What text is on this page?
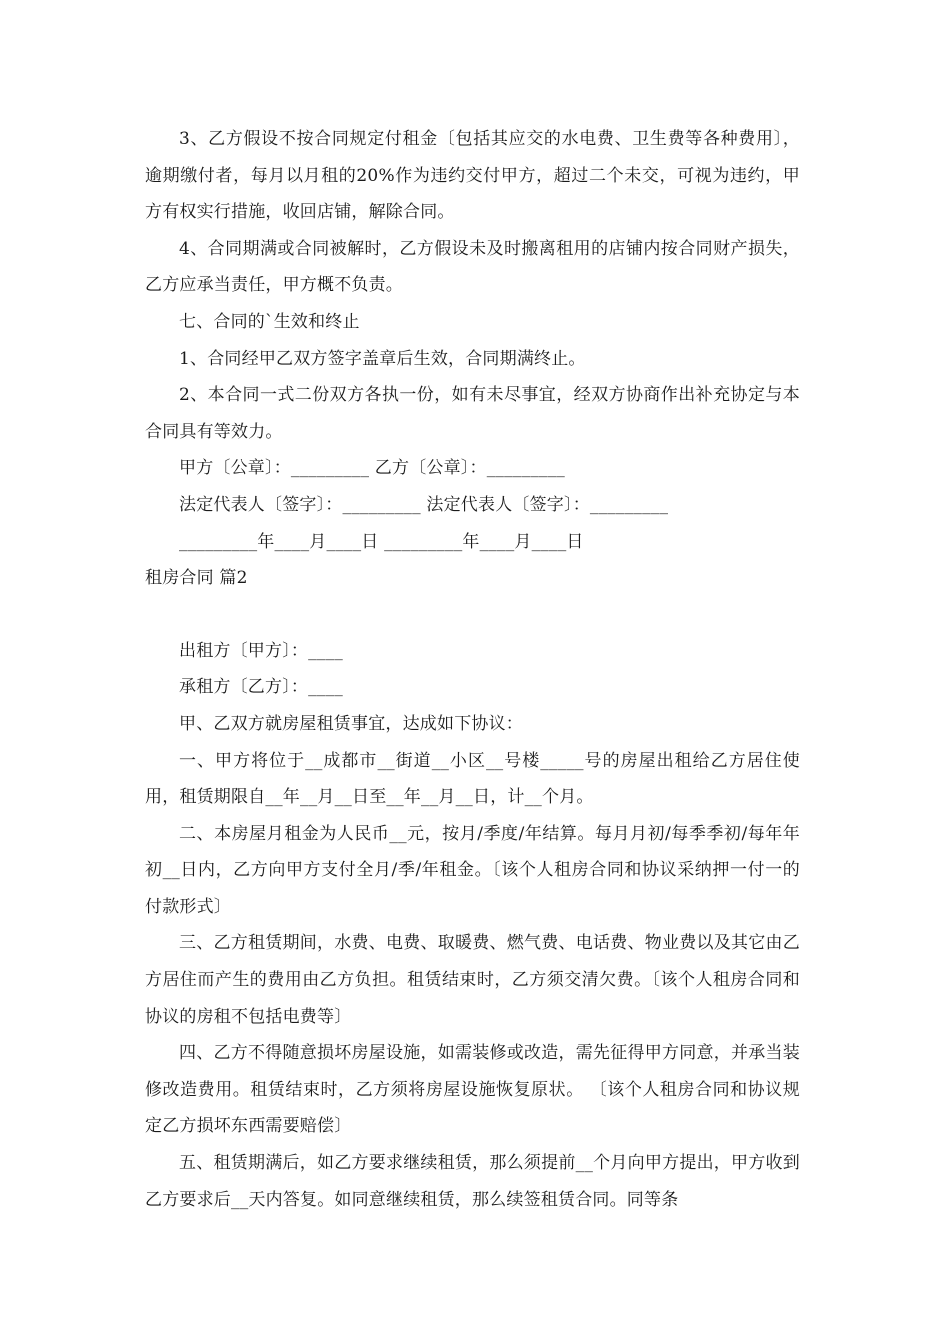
3、乙方假设不按合同规定付租金〔包括其应交的水电费、卫生费等各种费用〕，逾期缴付者，每月以月租的20%作为违约交付甲方，超过二个未交，可视为违约，甲方有权实行措施，收回店铺，解除合同。

4、合同期满或合同被解时，乙方假设未及时搬离租用的店铺内按合同财产损失，乙方应承当责任，甲方概不负责。

七、合同的`生效和终止

1、合同经甲乙双方签字盖章后生效，合同期满终止。

2、本合同一式二份双方各执一份，如有未尽事宜，经双方协商作出补充协定与本合同具有等效力。

甲方〔公章〕：_________ 乙方〔公章〕：_________

法定代表人〔签字〕：_________ 法定代表人〔签字〕：_________

_________年____月____日 _________年____月____日

租房合同 篇2

出租方〔甲方〕：____

承租方〔乙方〕：____

甲、乙双方就房屋租赁事宜，达成如下协议：

一、甲方将位于__成都市__街道__小区__号楼_____号的房屋出租给乙方居住使用，租赁期限自__年__月__日至__年__月__日，计__个月。

二、本房屋月租金为人民币__元，按月/季度/年结算。每月月初/每季季初/每年年初__日内，乙方向甲方支付全月/季/年租金。〔该个人租房合同和协议采纳押一付一的付款形式〕

三、乙方租赁期间，水费、电费、取暖费、燃气费、电话费、物业费以及其它由乙方居住而产生的费用由乙方负担。租赁结束时，乙方须交清欠费。〔该个人租房合同和协议的房租不包括电费等〕

四、乙方不得随意损坏房屋设施，如需装修或改造，需先征得甲方同意，并承当装修改造费用。租赁结束时，乙方须将房屋设施恢复原状。 〔该个人租房合同和协议规定乙方损坏东西需要赔偿〕

五、租赁期满后，如乙方要求继续租赁，那么须提前__个月向甲方提出，甲方收到乙方要求后__天内答复。如同意继续租赁，那么续签租赁合同。同等条
